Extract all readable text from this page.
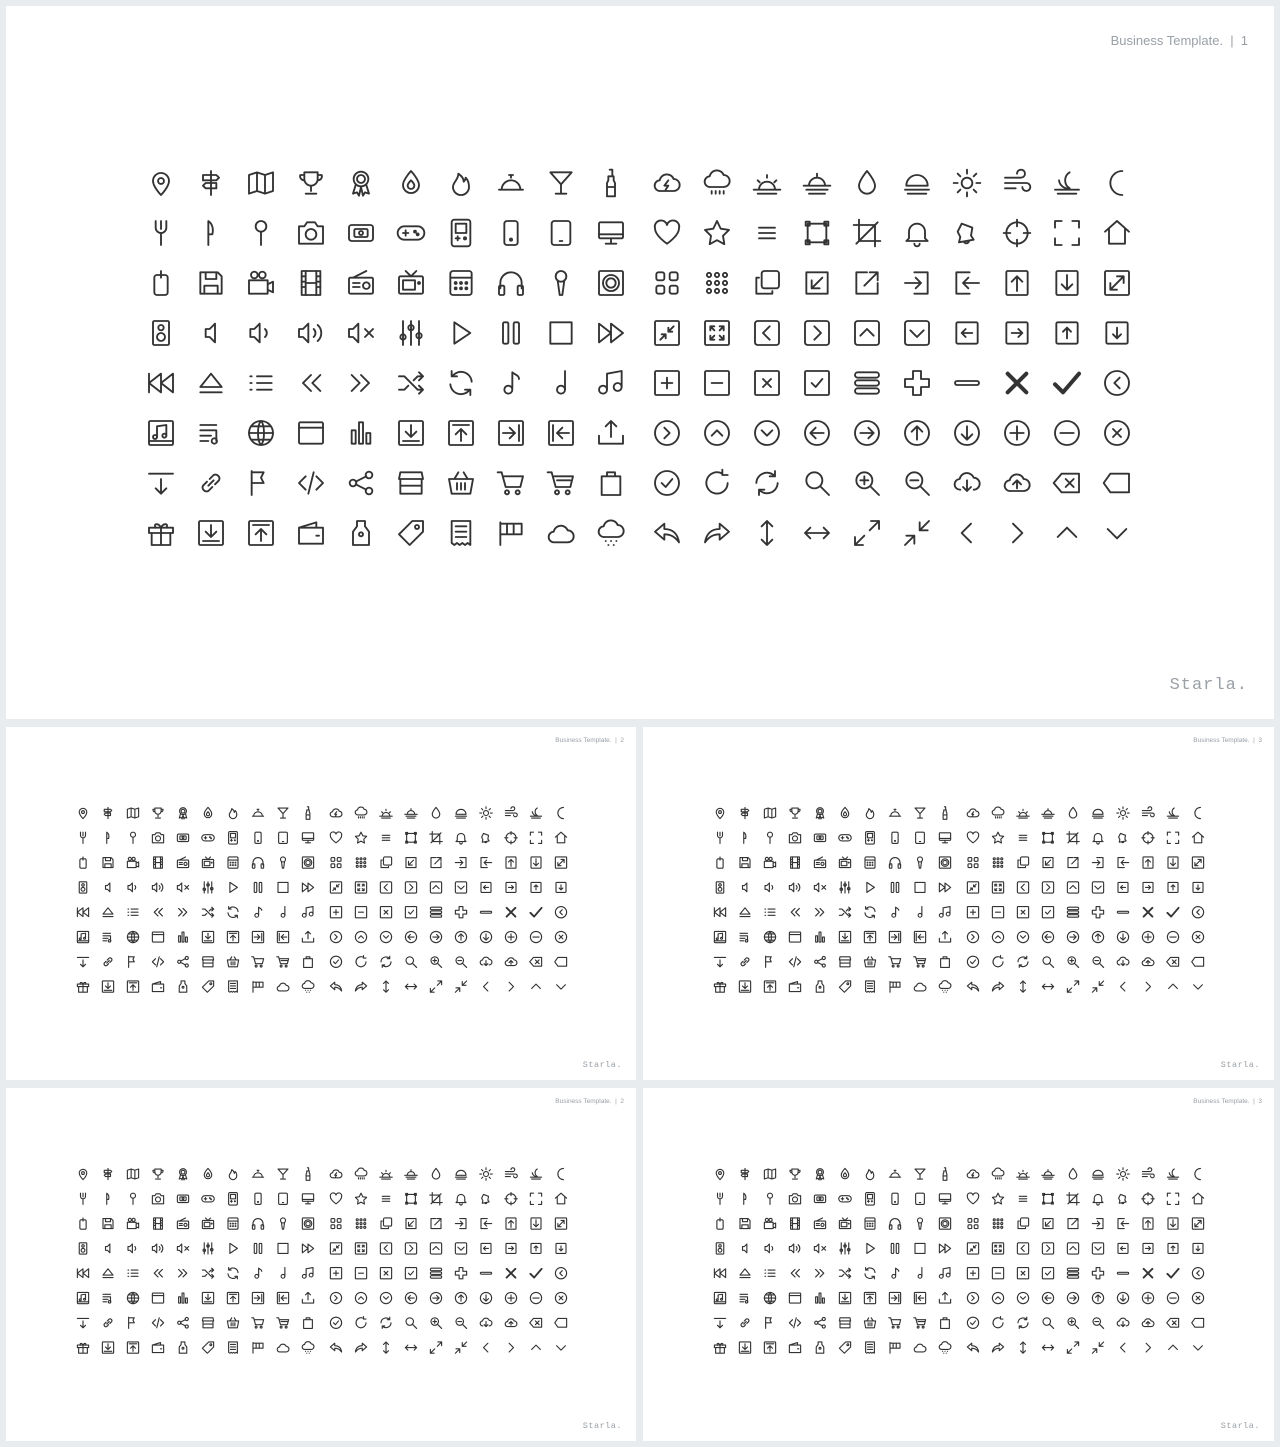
Business Template. | 1
Starla.
Business Template. | 2
Starla.
Business Template. | 3
Starla.
Business Template. | 2
Starla.
Business Template. | 3
Starla.
